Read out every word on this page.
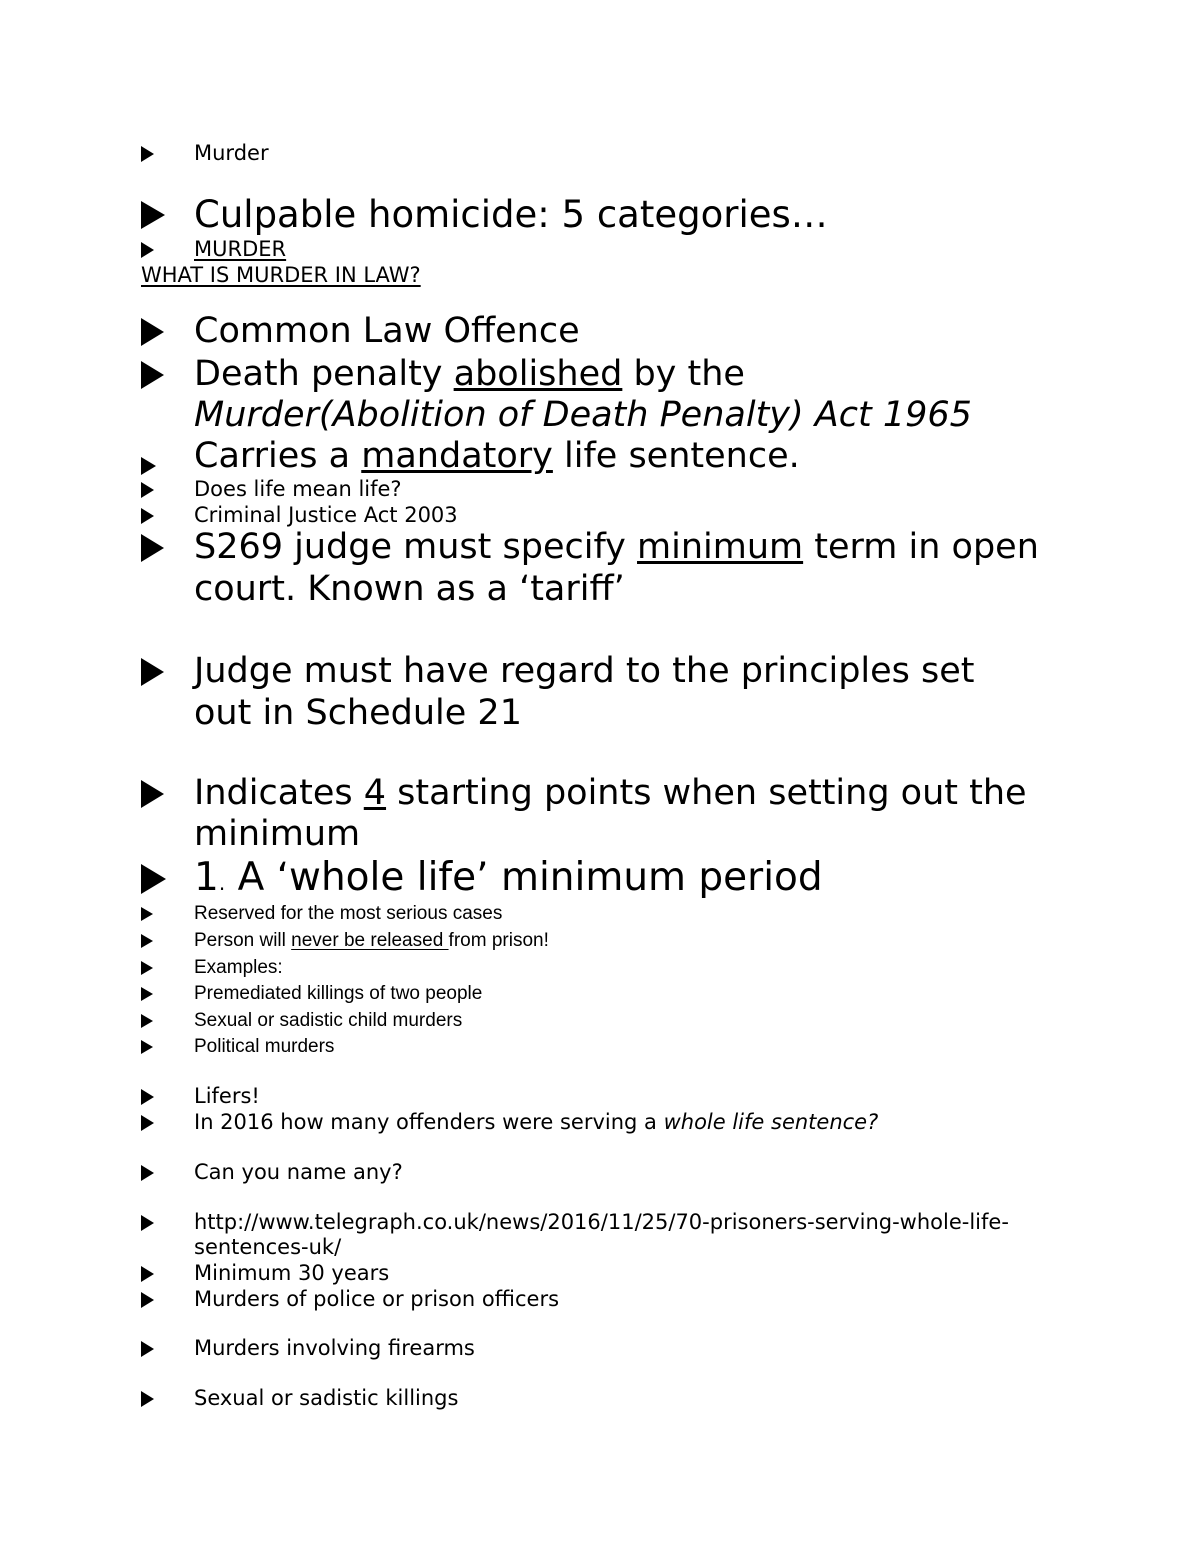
Murder
Culpable homicide: 5 categories…
MURDER
WHAT IS MURDER IN LAW?
Common Law Offence
Death penalty abolished by the
Murder(Abolition of Death Penalty) Act 1965
Carries a mandatory life sentence.
Does life mean life?
Criminal Justice Act 2003
S269 judge must specify minimum term in open
court. Known as a ‘tariff’
Judge must have regard to the principles set
out in Schedule 21
Indicates 4 starting points when setting out the
minimum
1. A ‘whole life’ minimum period
Reserved for the most serious cases
Person will never be released from prison!
Examples:
Premediated killings of two people
Sexual or sadistic child murders
Political murders
Lifers!
In 2016 how many offenders were serving a whole life sentence?
Can you name any?
http://www.telegraph.co.uk/news/2016/11/25/70-prisoners-serving-whole-life-
sentences-uk/
Minimum 30 years
Murders of police or prison officers
Murders involving firearms
Sexual or sadistic killings
